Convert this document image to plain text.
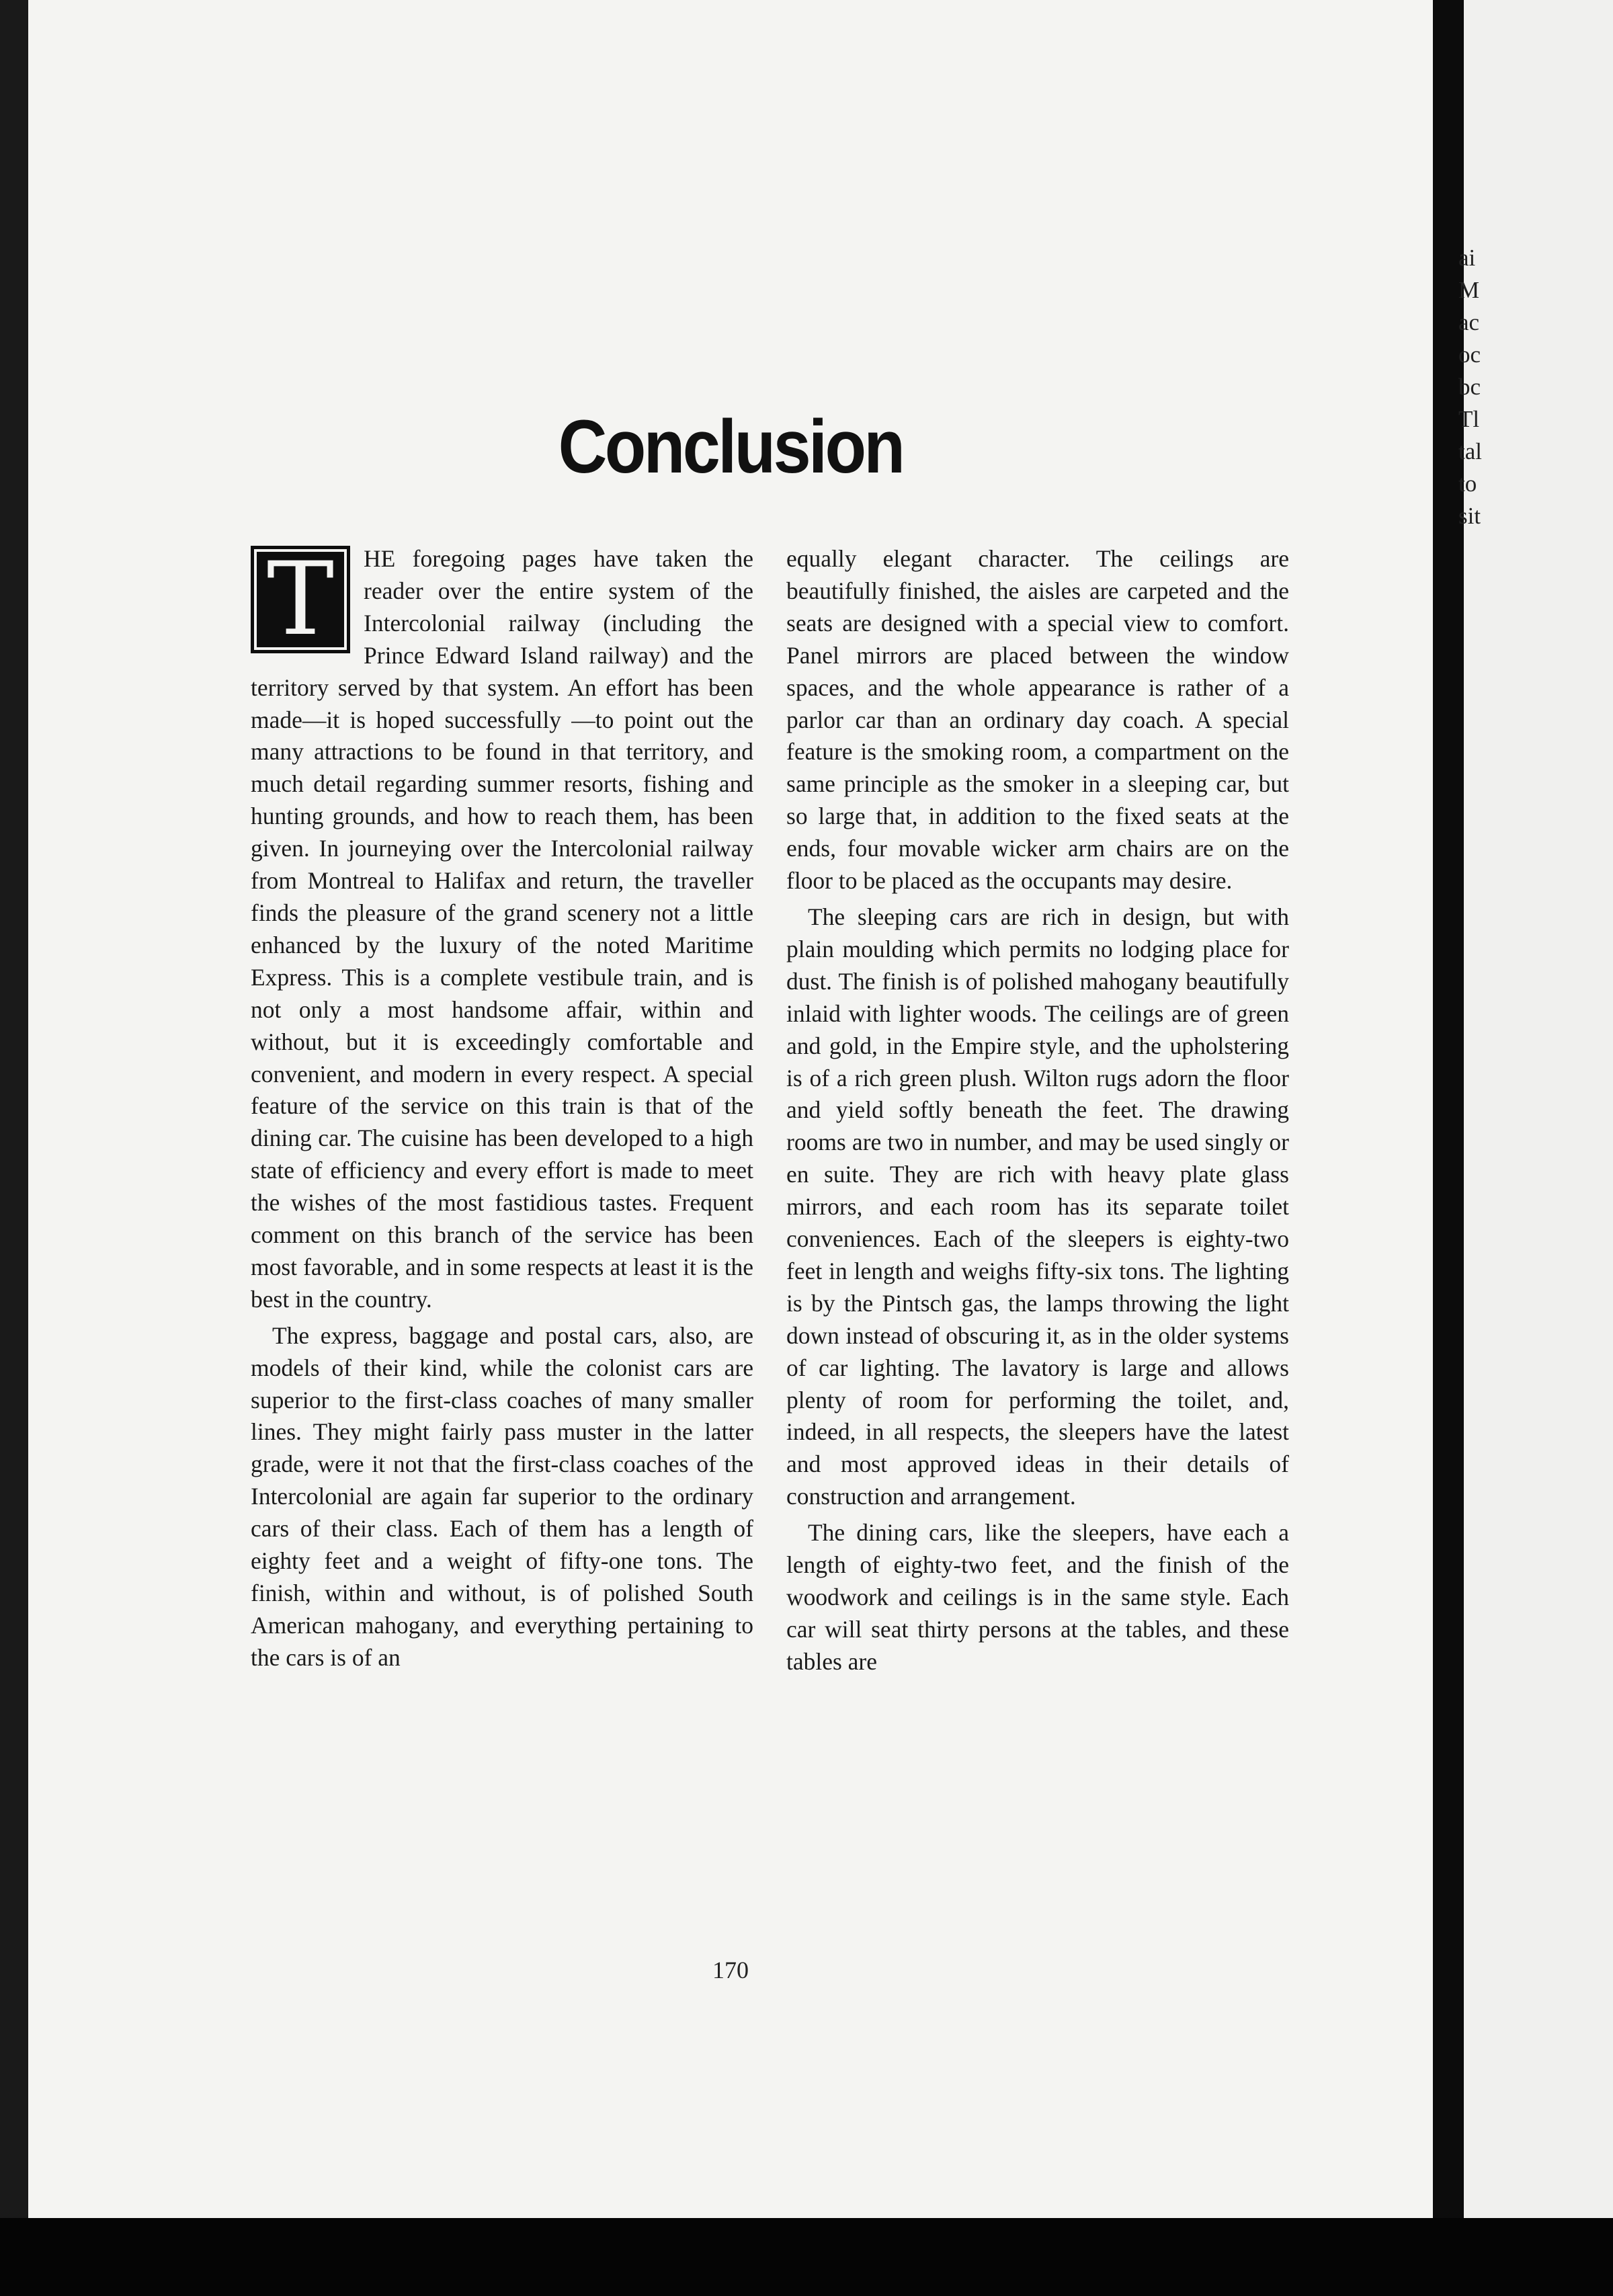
Conclusion

T	HE foregoing pages have taken the reader over the entire system of the Intercolonial railway (including the Prince Edward Island railway) and the territory served by that system. An effort has been made—it is hoped successfully —to point out the many attractions to be found in that territory, and much detail regarding summer resorts, fishing and hunting grounds, and how to reach them, has been given. In journeying over the Intercolonial railway from Montreal to Halifax and return, the traveller finds the pleasure of the grand scenery not a little enhanced by the luxury of the noted Maritime Express. This is a complete vestibule train, and is not only a most handsome affair, within and without, but it is exceedingly comfortable and convenient, and modern in every respect. A special feature of the service on this train is that of the dining car. The cuisine has been developed to a high state of efficiency and every effort is made to meet the wishes of the most fastidious tastes. Frequent comment on this branch of the service has been most favorable, and in some respects at least it is the best in the country.

The express, baggage and postal cars, also, are models of their kind, while the colonist cars are superior to the first-class coaches of many smaller lines. They might fairly pass muster in the latter grade, were it not that the first-class coaches of the Intercolonial are again far superior to the ordinary cars of their class. Each of them has a length of eighty feet and a weight of fifty-one tons. The finish, within and without, is of polished South American mahogany, and everything pertaining to the cars is of an

equally elegant character. The ceilings are beautifully finished, the aisles are carpeted and the seats are designed with a special view to comfort. Panel mirrors are placed between the window spaces, and the whole appearance is rather of a parlor car than an ordinary day coach. A special feature is the smoking room, a compartment on the same principle as the smoker in a sleeping car, but so large that, in addition to the fixed seats at the ends, four movable wicker arm chairs are on the floor to be placed as the occupants may desire.

The sleeping cars are rich in design, but with plain moulding which permits no lodging place for dust. The finish is of polished mahogany beautifully inlaid with lighter woods. The ceilings are of green and gold, in the Empire style, and the upholstering is of a rich green plush. Wilton rugs adorn the floor and yield softly beneath the feet. The drawing rooms are two in number, and may be used singly or en suite. They are rich with heavy plate glass mirrors, and each room has its separate toilet conveniences. Each of the sleepers is eighty-two feet in length and weighs fifty-six tons. The lighting is by the Pintsch gas, the lamps throwing the light down instead of obscuring it, as in the older systems of car lighting. The lavatory is large and allows plenty of room for performing the toilet, and, indeed, in all respects, the sleepers have the latest and most approved ideas in their details of construction and arrangement.

The dining cars, like the sleepers, have each a length of eighty-two feet, and the finish of the woodwork and ceilings is in the same style. Each car will seat thirty persons at the tables, and these tables are

170
ai
M
ac
oc
bc
Tl
tal
to
sit
